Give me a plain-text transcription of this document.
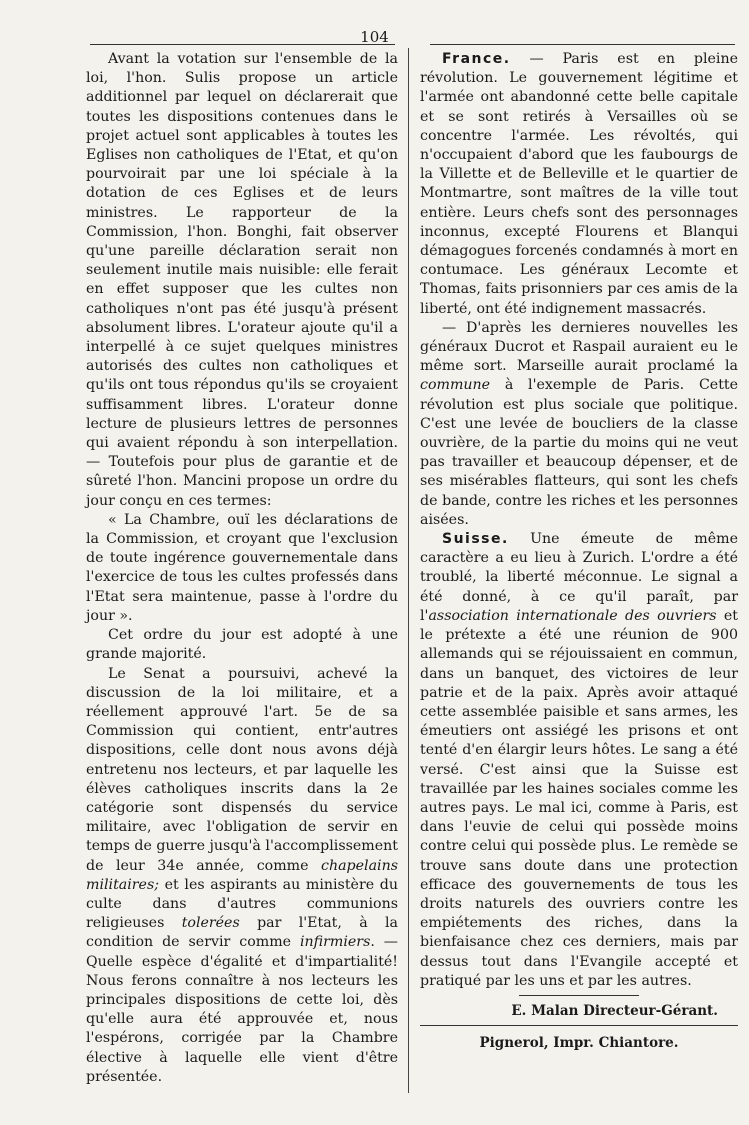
104

Avant la votation sur l'ensemble de la loi, l'hon. Sulis propose un article additionnel par lequel on déclarerait que toutes les dispositions contenues dans le projet actuel sont applicables à toutes les Eglises non catholiques de l'Etat, et qu'on pourvoirait par une loi spéciale à la dotation de ces Eglises et de leurs ministres. Le rapporteur de la Commission, l'hon. Bonghi, fait observer qu'une pareille déclaration serait non seulement inutile mais nuisible: elle ferait en effet supposer que les cultes non catholiques n'ont pas été jusqu'à présent absolument libres. L'orateur ajoute qu'il a interpellé à ce sujet quelques ministres autorisés des cultes non catholiques et qu'ils ont tous répondus qu'ils se croyaient suffisamment libres. L'orateur donne lecture de plusieurs lettres de personnes qui avaient répondu à son interpellation. — Toutefois pour plus de garantie et de sûreté l'hon. Mancini propose un ordre du jour conçu en ces termes:

« La Chambre, ouï les déclarations de la Commission, et croyant que l'exclusion de toute ingérence gouvernementale dans l'exercice de tous les cultes professés dans l'Etat sera maintenue, passe à l'ordre du jour ».

Cet ordre du jour est adopté à une grande majorité.

Le Senat a poursuivi, achevé la discussion de la loi militaire, et a réellement approuvé l'art. 5e de sa Commission qui contient, entr'autres dispositions, celle dont nous avons déjà entretenu nos lecteurs, et par laquelle les élèves catholiques inscrits dans la 2e catégorie sont dispensés du service militaire, avec l'obligation de servir en temps de guerre jusqu'à l'accomplissement de leur 34e année, comme chapelains militaires; et les aspirants au ministère du culte dans d'autres communions religieuses tolerées par l'Etat, à la condition de servir comme infirmiers. — Quelle espèce d'égalité et d'impartialité! Nous ferons connaître à nos lecteurs les principales dispositions de cette loi, dès qu'elle aura été approuvée et, nous l'espérons, corrigée par la Chambre élective à laquelle elle vient d'être présentée.

France. — Paris est en pleine révolution. Le gouvernement légitime et l'armée ont abandonné cette belle capitale et se sont retirés à Versailles où se concentre l'armée. Les révoltés, qui n'occupaient d'abord que les faubourgs de la Villette et de Belleville et le quartier de Montmartre, sont maîtres de la ville tout entière. Leurs chefs sont des personnages inconnus, excepté Flourens et Blanqui démagogues forcenés condamnés à mort en contumace. Les généraux Lecomte et Thomas, faits prisonniers par ces amis de la liberté, ont été indignement massacrés.

— D'après les dernieres nouvelles les généraux Ducrot et Raspail auraient eu le même sort. Marseille aurait proclamé la commune à l'exemple de Paris. Cette révolution est plus sociale que politique. C'est une levée de boucliers de la classe ouvrière, de la partie du moins qui ne veut pas travailler et beaucoup dépenser, et de ses misérables flatteurs, qui sont les chefs de bande, contre les riches et les personnes aisées.

Suisse. Une émeute de même caractère a eu lieu à Zurich. L'ordre a été troublé, la liberté méconnue. Le signal a été donné, à ce qu'il paraît, par l'association internationale des ouvriers et le prétexte a été une réunion de 900 allemands qui se réjouissaient en commun, dans un banquet, des victoires de leur patrie et de la paix. Après avoir attaqué cette assemblée paisible et sans armes, les émeutiers ont assiégé les prisons et ont tenté d'en élargir leurs hôtes. Le sang a été versé. C'est ainsi que la Suisse est travaillée par les haines sociales comme les autres pays. Le mal ici, comme à Paris, est dans l'euvie de celui qui possède moins contre celui qui possède plus. Le remède se trouve sans doute dans une protection efficace des gouvernements de tous les droits naturels des ouvriers contre les empiétements des riches, dans la bienfaisance chez ces derniers, mais par dessus tout dans l'Evangile accepté et pratiqué par les uns et par les autres.

E. Malan Directeur-Gérant.
Pignerol, Impr. Chiantore.
